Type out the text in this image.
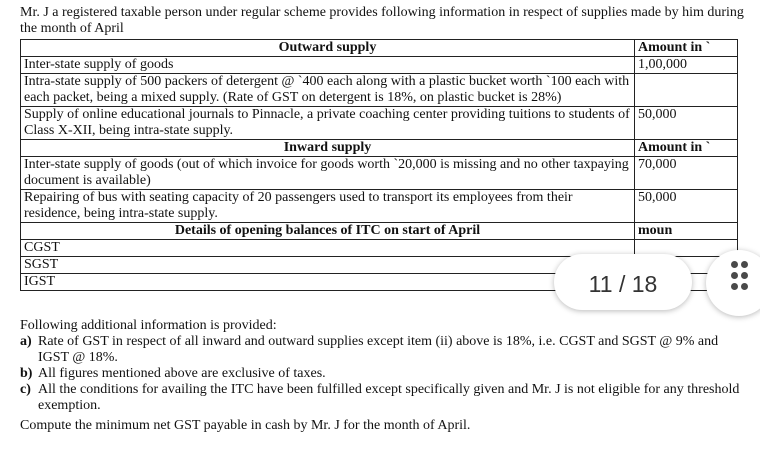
Mr. J a registered taxable person under regular scheme provides following information in respect of supplies made by him during the month of April

Outward supply	Amount in `
Inter-state supply of goods	1,00,000
Intra-state supply of 500 packers of detergent @ `400 each along with a plastic bucket worth `100 each with each packet, being a mixed supply. (Rate of GST on detergent is 18%, on plastic bucket is 28%)	
Supply of online educational journals to Pinnacle, a private coaching center providing tuitions to students of Class X-XII, being intra-state supply.	50,000
Inward supply	Amount in `
Inter-state supply of goods (out of which invoice for goods worth `20,000 is missing and no other taxpaying document is available)	70,000
Repairing of bus with seating capacity of 20 passengers used to transport its employees from their residence, being intra-state supply.	50,000
Details of opening balances of ITC on start of April	moun
CGST	
SGST	
IGST	

Following additional information is provided:

a) Rate of GST in respect of all inward and outward supplies except item (ii) above is 18%, i.e. CGST and SGST @ 9% and IGST @ 18%.
b) All figures mentioned above are exclusive of taxes.
c) All the conditions for availing the ITC have been fulfilled except specifically given and Mr. J is not eligible for any threshold exemption.

Compute the minimum net GST payable in cash by Mr. J for the month of April.

11 / 18
